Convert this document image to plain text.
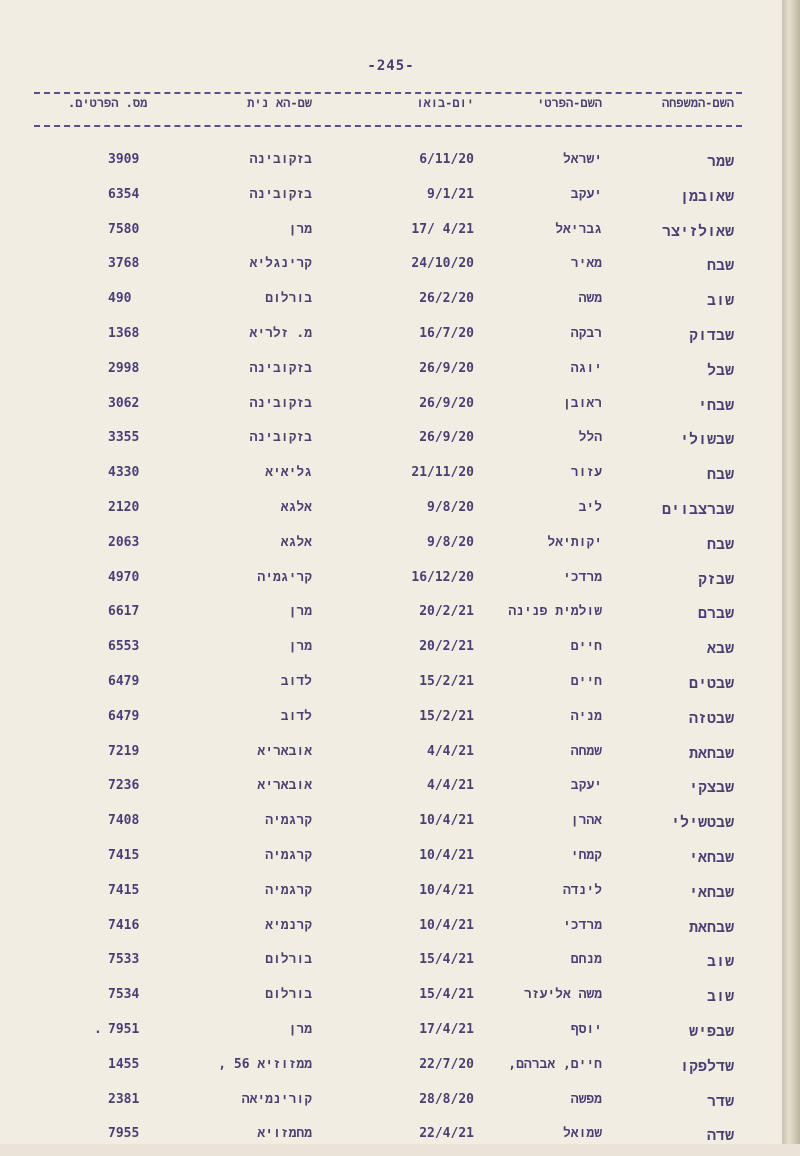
-245-
השם-המשפחה
השם-הפרטי
יום-בואו
שם-הא נית
מס. הפרטים.
שמר
ישראל
6/11/20
בזקובינה
3909
שאובמן
יעקב
9/1/21
בזקובינה
6354
שאולזיצר
גבריאל
17/ 4/21
מרן
7580
שבח
מאיר
24/10/20
קרינגליא
3768
שוב
משה
26/2/20
בורלום
490
שבדוק
רבקה
16/7/20
מ. זלריא
1368
שבל
יוגה
26/9/20
בזקובינה
2998
שבחי
ראובן
26/9/20
בזקובינה
3062
שבשולי
הלל
26/9/20
בזקובינה
3355
שבח
עזור
21/11/20
גליאיא
4330
שברצבוים
ליב
9/8/20
אלגא
2120
שבח
יקותיאל
9/8/20
אלגא
2063
שבזק
מרדכי
16/12/20
קריגמיה
4970
שברם
שולמית פנינה
20/2/21
מרן
6617
שבא
חיים
20/2/21
מרן
6553
שבטים
חיים
15/2/21
לדוב
6479
שבטזה
מניה
15/2/21
לדוב
6479
שבחאת
שמחה
4/4/21
אובאריא
7219
שבצקי
יעקב
4/4/21
אובאריא
7236
שבטשילי
אהרן
10/4/21
קרגמיה
7408
שבחאי
קמחי
10/4/21
קרגמיה
7415
שבחאי
לינדה
10/4/21
קרגמיה
7415
שבחאת
מרדכי
10/4/21
קרנמיא
7416
שוב
מנחם
15/4/21
בורלום
7533
שוב
משה אליעזר
15/4/21
בורלום
7534
שבפיש
יוסף
17/4/21
מרן
7951
.
שדלפקו
חיים, אברהם,
22/7/20
ממזוזיא 56 ,
1455
שדר
מפשה
28/8/20
קורינמיאה
2381
שדה
שמואל
22/4/21
מחמזויא
7955
